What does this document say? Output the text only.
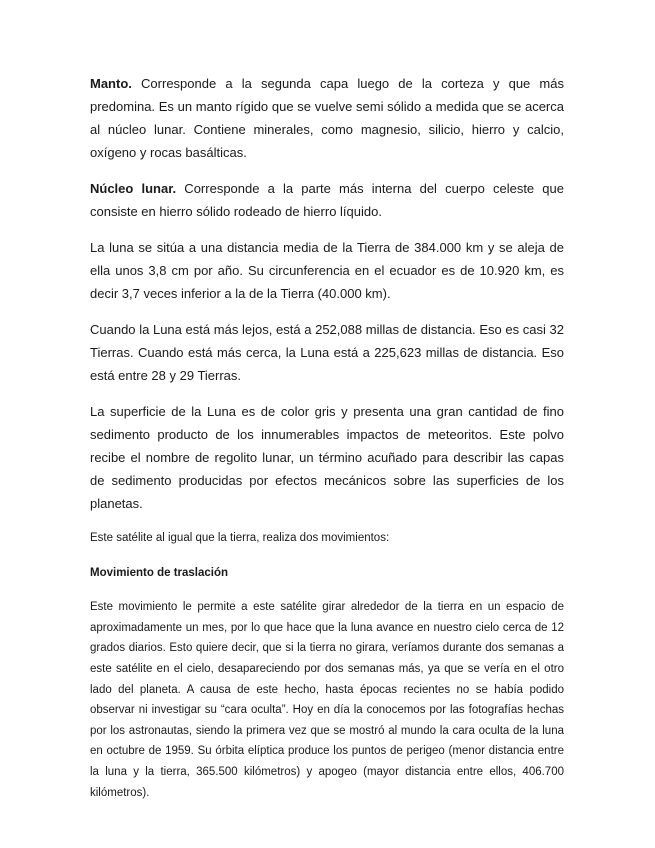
Manto. Corresponde a la segunda capa luego de la corteza y que más predomina. Es un manto rígido que se vuelve semi sólido a medida que se acerca al núcleo lunar. Contiene minerales, como magnesio, silicio, hierro y calcio, oxígeno y rocas basálticas.

Núcleo lunar. Corresponde a la parte más interna del cuerpo celeste que consiste en hierro sólido rodeado de hierro líquido.

La luna se sitúa a una distancia media de la Tierra de 384.000 km y se aleja de ella unos 3,8 cm por año. Su circunferencia en el ecuador es de 10.920 km, es decir 3,7 veces inferior a la de la Tierra (40.000 km).

Cuando la Luna está más lejos, está a 252,088 millas de distancia. Eso es casi 32 Tierras. Cuando está más cerca, la Luna está a 225,623 millas de distancia. Eso está entre 28 y 29 Tierras.

La superficie de la Luna es de color gris y presenta una gran cantidad de fino sedimento producto de los innumerables impactos de meteoritos. Este polvo recibe el nombre de regolito lunar, un término acuñado para describir las capas de sedimento producidas por efectos mecánicos sobre las superficies de los planetas.

Este satélite al igual que la tierra, realiza dos movimientos:

Movimiento de traslación

Este movimiento le permite a este satélite girar alrededor de la tierra en un espacio de aproximadamente un mes, por lo que hace que la luna avance en nuestro cielo cerca de 12 grados diarios. Esto quiere decir, que si la tierra no girara, veríamos durante dos semanas a este satélite en el cielo, desapareciendo por dos semanas más, ya que se vería en el otro lado del planeta. A causa de este hecho, hasta épocas recientes no se había podido observar ni investigar su “cara oculta”. Hoy en día la conocemos por las fotografías hechas por los astronautas, siendo la primera vez que se mostró al mundo la cara oculta de la luna en octubre de 1959. Su órbita elíptica produce los puntos de perigeo (menor distancia entre la luna y la tierra, 365.500 kilómetros) y apogeo (mayor distancia entre ellos, 406.700 kilómetros).
